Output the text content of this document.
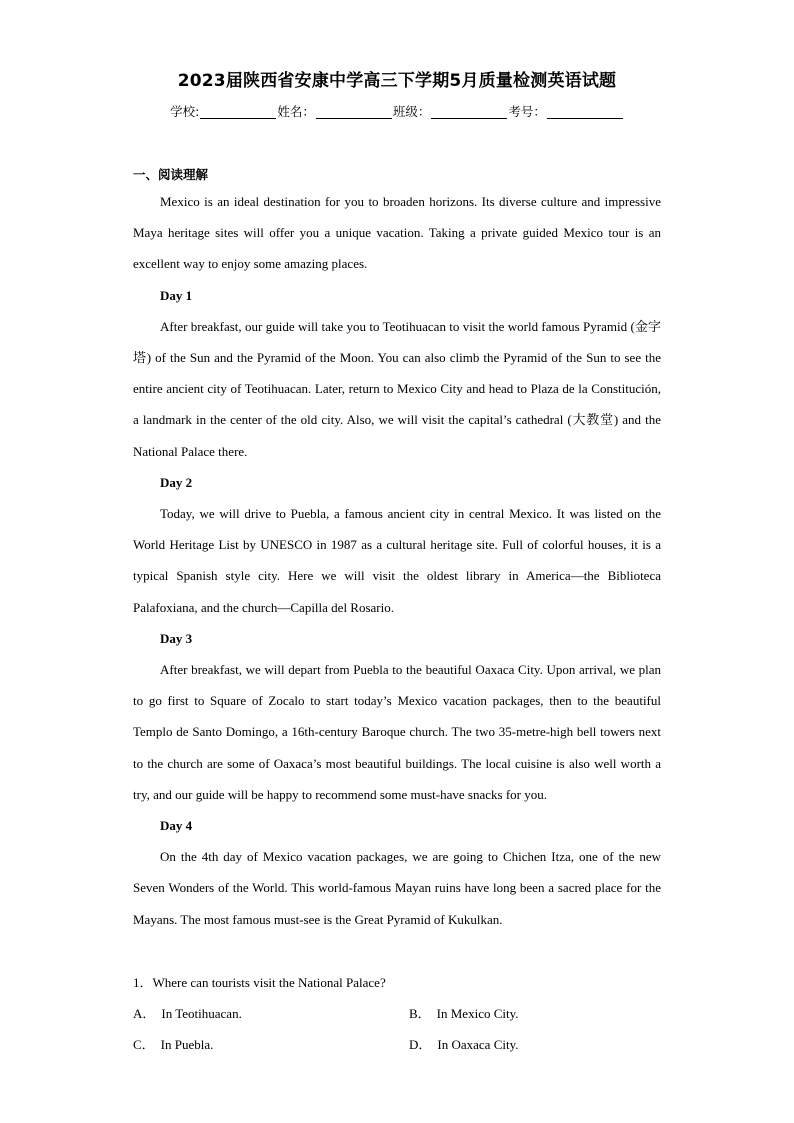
2023届陕西省安康中学高三下学期5月质量检测英语试题
学校:	姓名：	班级：	考号：
一、阅读理解

Mexico is an ideal destination for you to broaden horizons. Its diverse culture and impressive Maya heritage sites will offer you a unique vacation. Taking a private guided Mexico tour is an excellent way to enjoy some amazing places.

Day 1

After breakfast, our guide will take you to Teotihuacan to visit the world famous Pyramid (金字塔) of the Sun and the Pyramid of the Moon. You can also climb the Pyramid of the Sun to see the entire ancient city of Teotihuacan. Later, return to Mexico City and head to Plaza de la Constitución, a landmark in the center of the old city. Also, we will visit the capital’s cathedral (大教堂) and the National Palace there.

Day 2

Today, we will drive to Puebla, a famous ancient city in central Mexico. It was listed on the World Heritage List by UNESCO in 1987 as a cultural heritage site. Full of colorful houses, it is a typical Spanish style city. Here we will visit the oldest library in America—the Biblioteca Palafoxiana, and the church—Capilla del Rosario.

Day 3

After breakfast, we will depart from Puebla to the beautiful Oaxaca City. Upon arrival, we plan to go first to Square of Zocalo to start today’s Mexico vacation packages, then to the beautiful Templo de Santo Domingo, a 16th-century Baroque church. The two 35-metre-high bell towers next to the church are some of Oaxaca’s most beautiful buildings. The local cuisine is also well worth a try, and our guide will be happy to recommend some must-have snacks for you.

Day 4

On the 4th day of Mexico vacation packages, we are going to Chichen Itza, one of the new Seven Wonders of the World. This world-famous Mayan ruins have long been a sacred place for the Mayans. The most famous must-see is the Great Pyramid of Kukulkan.

1．Where can tourists visit the National Palace?
A． In Teotihuacan.	B． In Mexico City.
C． In Puebla.	D． In Oaxaca City.
